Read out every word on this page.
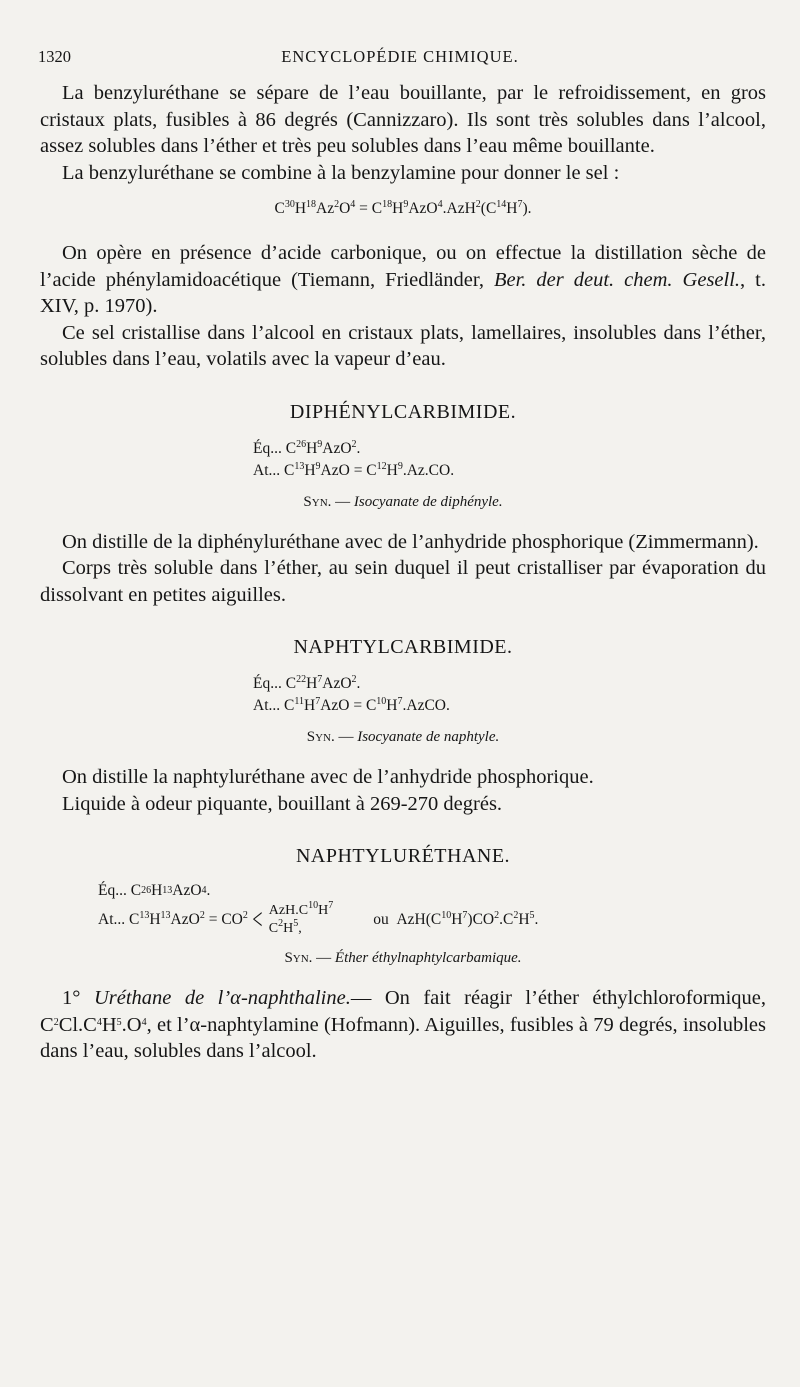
1320	ENCYCLOPÉDIE CHIMIQUE.

La benzyluréthane se sépare de l’eau bouillante, par le refroidissement, en gros cristaux plats, fusibles à 86 degrés (Cannizzaro). Ils sont très solubles dans l’alcool, assez solubles dans l’éther et très peu solubles dans l’eau même bouillante.

La benzyluréthane se combine à la benzylamine pour donner le sel :

$C^{30}H^{18}Az^2O^4 = C^{18}H^9AzO^4.AzH^2(C^{14}H^7)$.

On opère en présence d’acide carbonique, ou on effectue la distillation sèche de l’acide phénylamidoacétique (Tiemann, Friedländer, Ber. der deut. chem. Gesell., t. XIV, p. 1970).

Ce sel cristallise dans l’alcool en cristaux plats, lamellaires, insolubles dans l’éther, solubles dans l’eau, volatils avec la vapeur d’eau.

DIPHÉNYLCARBIMIDE.
Éq... $C^{26}H^9AzO^2$.
At... $C^{13}H^9AzO = C^{12}H^9.Az.CO$.
Syn. — Isocyanate de diphényle.

On distille de la diphényluréthane avec de l’anhydride phosphorique (Zimmermann).

Corps très soluble dans l’éther, au sein duquel il peut cristalliser par évaporation du dissolvant en petites aiguilles.

NAPHTYLCARBIMIDE.
Éq... $C^{22}H^7AzO^2$.
At... $C^{11}H^7AzO$ = $C^{10}H^7.AzCO$.
Syn. — Isocyanate de naphtyle.

On distille la naphtyluréthane avec de l’anhydride phosphorique.

Liquide à odeur piquante, bouillant à 269-270 degrés.

NAPHTYLURÉTHANE.
Éq... C 26 H 13 AzO 4 .
At... $C^{13}H^{13}AzO^2 = CO^2 < AzH.C^{10}H^7$
$C^2H^5$,
ou  $AzH(C^{10}H^7)CO^2.C^2H^5$.
Syn. — Éther éthylnaphtylcarbamique.

1° Uréthane de l’α-naphthaline.— On fait réagir l’éther éthylchloroformique, $C^2Cl.C^4H^5.O^4$, et l’α-naphtylamine (Hofmann). Aiguilles, fusibles à 79 degrés, insolubles dans l’eau, solubles dans l’alcool.
